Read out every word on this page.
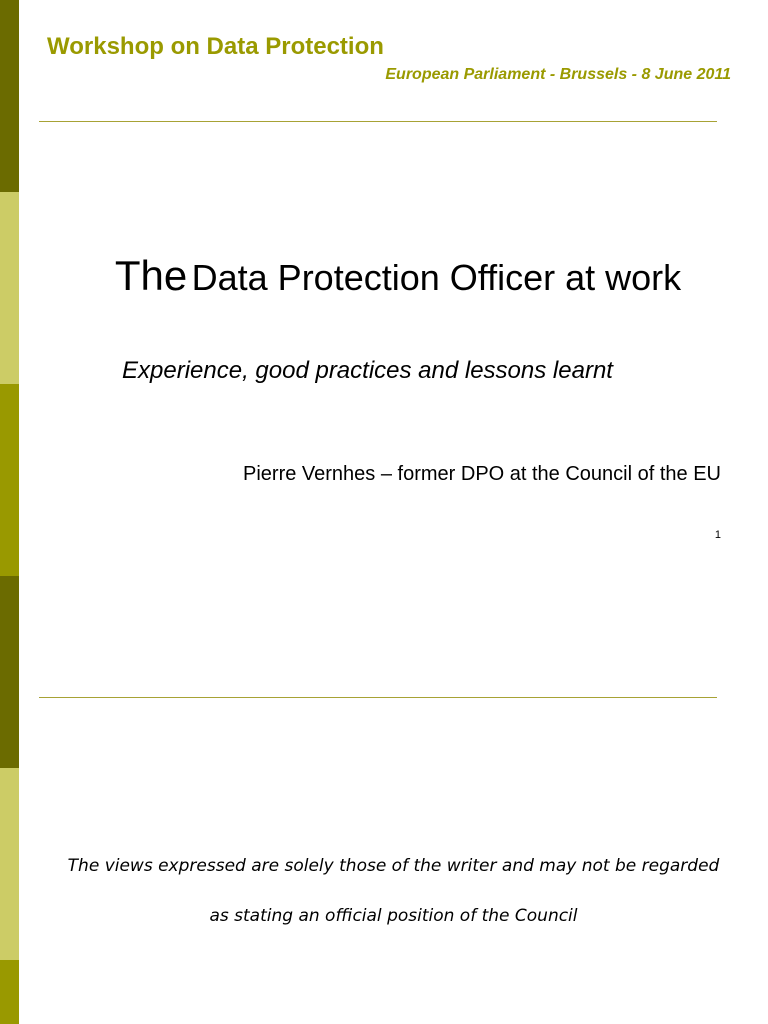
Workshop on Data Protection
European Parliament - Brussels - 8 June 2011
The Data Protection Officer at work
Experience, good practices and lessons learnt
Pierre Vernhes – former DPO at the Council of the EU
1
The views expressed are solely those of the writer and may not be regarded
as stating an official position of the Council
